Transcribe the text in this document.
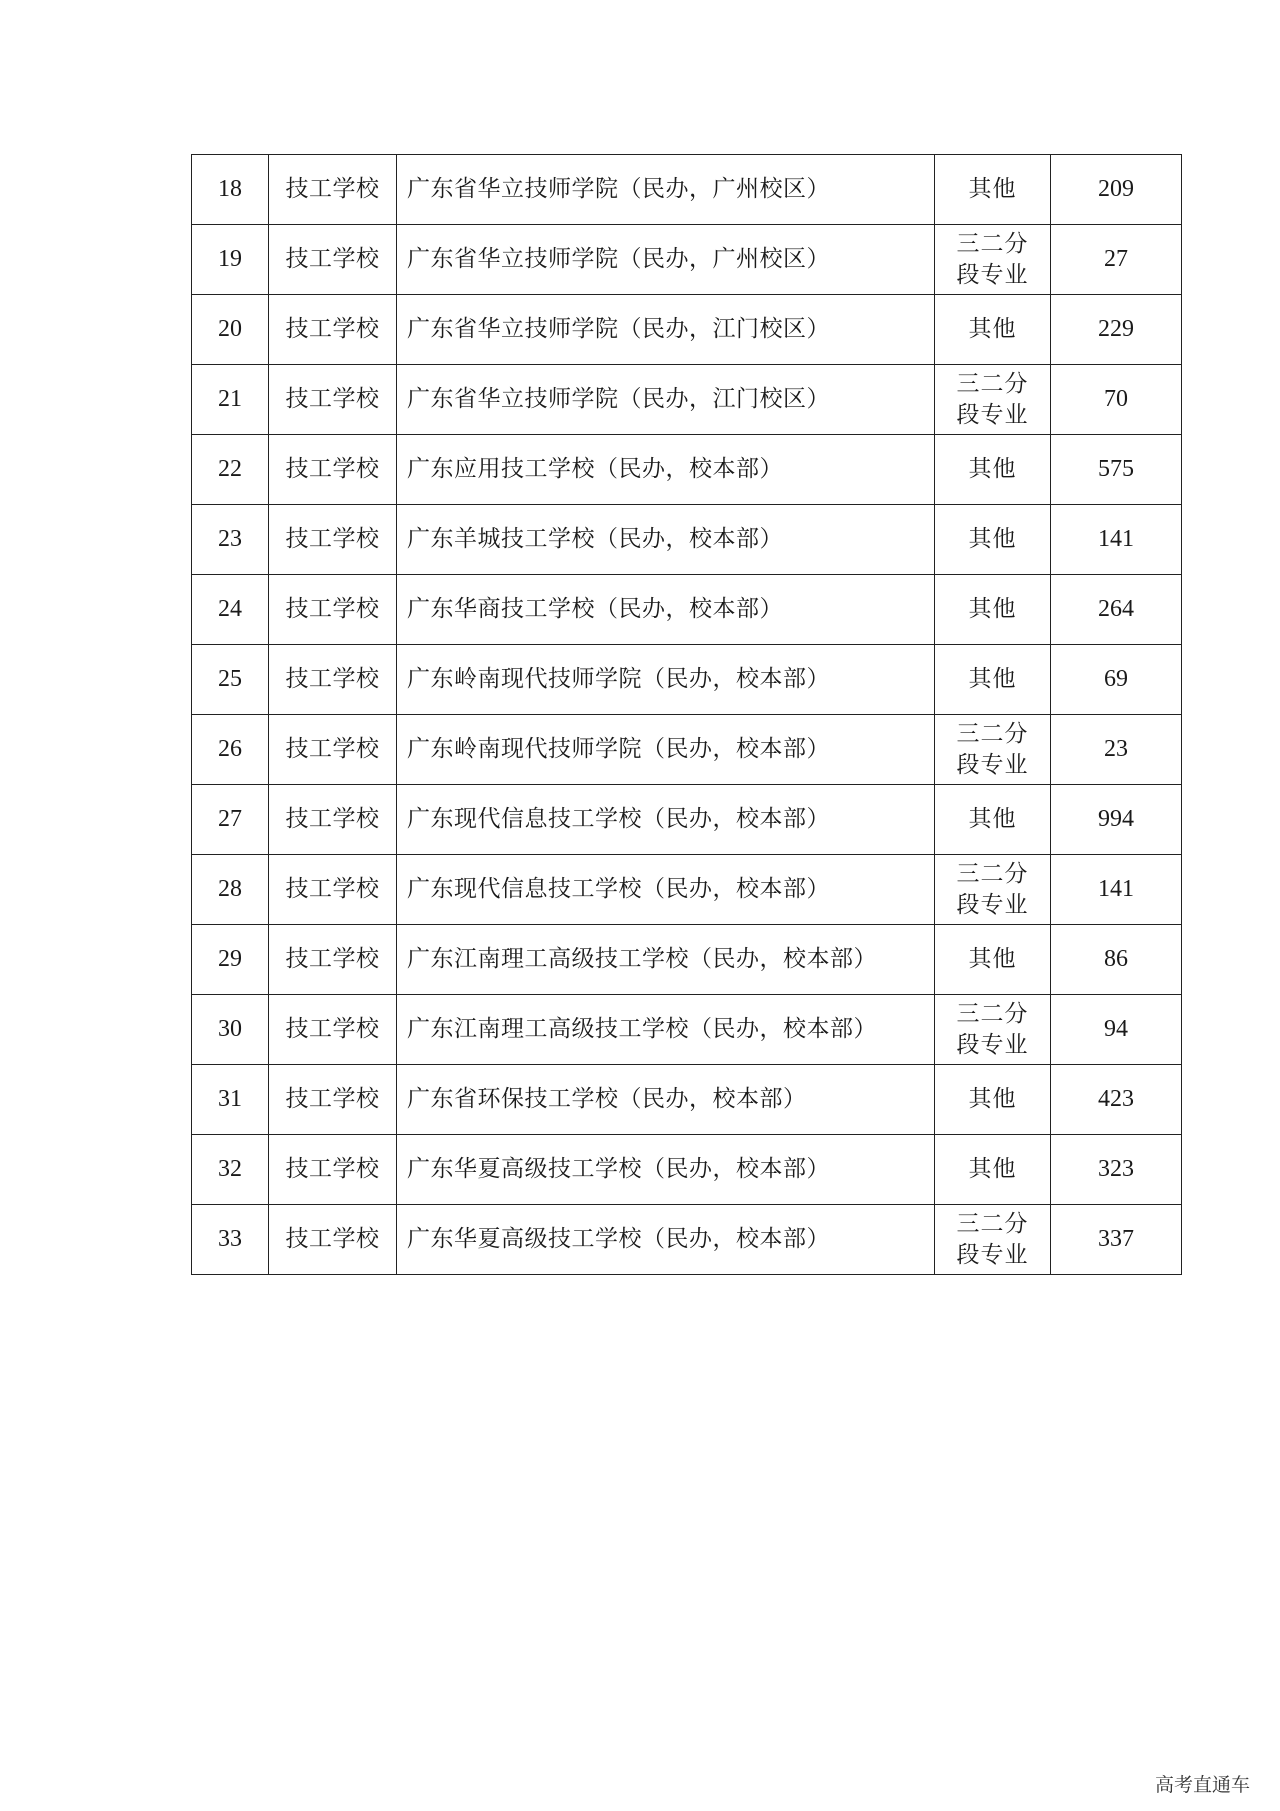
18	技工学校	广东省华立技师学院（民办，广州校区）	其他	209
19	技工学校	广东省华立技师学院（民办，广州校区）	三二分段专业	27
20	技工学校	广东省华立技师学院（民办，江门校区）	其他	229
21	技工学校	广东省华立技师学院（民办，江门校区）	三二分段专业	70
22	技工学校	广东应用技工学校（民办，校本部）	其他	575
23	技工学校	广东羊城技工学校（民办，校本部）	其他	141
24	技工学校	广东华商技工学校（民办，校本部）	其他	264
25	技工学校	广东岭南现代技师学院（民办，校本部）	其他	69
26	技工学校	广东岭南现代技师学院（民办，校本部）	三二分段专业	23
27	技工学校	广东现代信息技工学校（民办，校本部）	其他	994
28	技工学校	广东现代信息技工学校（民办，校本部）	三二分段专业	141
29	技工学校	广东江南理工高级技工学校（民办，校本部）	其他	86
30	技工学校	广东江南理工高级技工学校（民办，校本部）	三二分段专业	94
31	技工学校	广东省环保技工学校（民办，校本部）	其他	423
32	技工学校	广东华夏高级技工学校（民办，校本部）	其他	323
33	技工学校	广东华夏高级技工学校（民办，校本部）	三二分段专业	337
高考直通车
